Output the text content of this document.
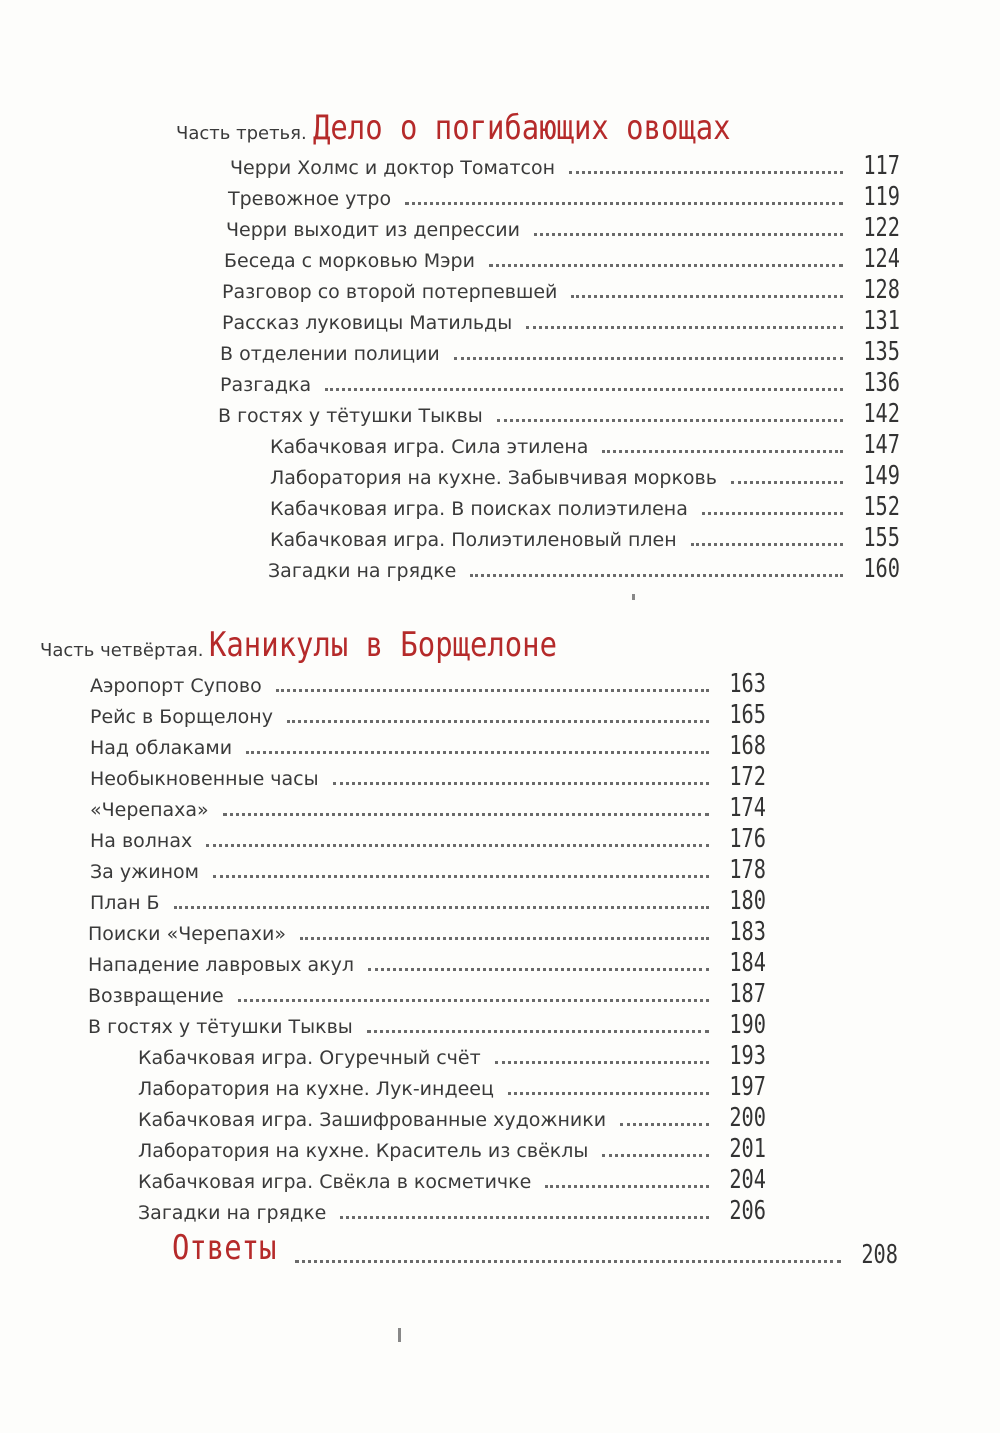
Часть третья. Дело о погибающих овощах
Черри Холмс и доктор Томатсон	117
Тревожное утро	119
Черри выходит из депрессии	122
Беседа с морковью Мэри	124
Разговор со второй потерпевшей	128
Рассказ луковицы Матильды	131
В отделении полиции	135
Разгадка	136
В гостях у тётушки Тыквы	142
Кабачковая игра. Сила этилена	147
Лаборатория на кухне. Забывчивая морковь	149
Кабачковая игра. В поисках полиэтилена	152
Кабачковая игра. Полиэтиленовый плен	155
Загадки на грядке	160
Часть четвёртая. Каникулы в Борщелоне
Аэропорт Супово	163
Рейс в Борщелону	165
Над облаками	168
Необыкновенные часы	172
«Черепаха»	174
На волнах	176
За ужином	178
План Б	180
Поиски «Черепахи»	183
Нападение лавровых акул	184
Возвращение	187
В гостях у тётушки Тыквы	190
Кабачковая игра. Огуречный счёт	193
Лаборатория на кухне. Лук-индеец	197
Кабачковая игра. Зашифрованные художники	200
Лаборатория на кухне. Краситель из свёклы	201
Кабачковая игра. Свёкла в косметичке	204
Загадки на грядке	206
Ответы	208
